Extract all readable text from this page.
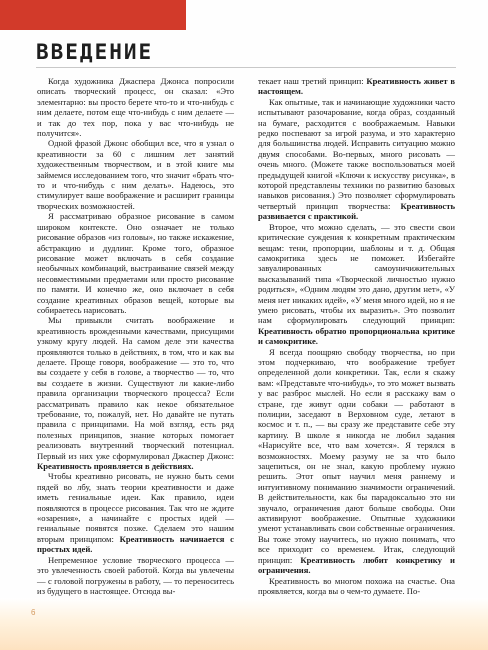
ВВЕДЕНИЕ

Когда художника Джаспера Джонса попросили описать творческий процесс, он сказал: «Это элементарно: вы просто берете что-то и что-нибудь с ним делаете, потом еще что-нибудь с ним делаете — и так до тех пор, пока у вас что-нибудь не получится».

Одной фразой Джонс обобщил все, что я узнал о креативности за 60 с лишним лет занятий художественным творчеством, и в этой книге мы займемся исследованием того, что значит «брать что-то и что-нибудь с ним делать». Надеюсь, это стимулирует ваше воображение и расширит границы творческих возможностей.

Я рассматриваю образное рисование в самом широком контексте. Оно означает не только рисование образов «из головы», но также искажение, абстракцию и дудлинг. Кроме того, образное рисование может включать в себя создание необычных комбинаций, выстраивание связей между несовместимыми предметами или просто рисование по памяти. И конечно же, оно включает в себя создание креативных образов вещей, которые вы собираетесь нарисовать.

Мы привыкли считать воображение и креативность врожденными качествами, присущими узкому кругу людей. На самом деле эти качества проявляются только в действиях, в том, что и как вы делаете. Проще говоря, воображение — это то, что вы создаете у себя в голове, а творчество — то, что вы создаете в жизни. Существуют ли какие-либо правила организации творческого процесса? Если рассматривать правило как некое обязательное требование, то, пожалуй, нет. Но давайте не путать правила с принципами. На мой взгляд, есть ряд полезных принципов, знание которых помогает реализовать внутренний творческий потенциал. Первый из них уже сформулировал Джаспер Джонс: Креативность проявляется в действиях.

Чтобы креативно рисовать, не нужно быть семи пядей во лбу, знать теории креативности и даже иметь гениальные идеи. Как правило, идеи появляются в процессе рисования. Так что не ждите «озарения», а начинайте с простых идей — гениальные появятся позже. Сделаем это нашим вторым принципом: Креативность начинается с простых идей.

Непременное условие творческого процесса — это увлеченность своей работой. Когда вы увлечены — с головой погружены в работу, — то переноситесь из будущего в настоящее. Отсюда вы-

текает наш третий принцип: Креативность живет в настоящем.

Как опытные, так и начинающие художники часто испытывают разочарование, когда образ, созданный на бумаге, расходится с воображаемым. Навыки редко поспевают за игрой разума, и это характерно для большинства людей. Исправить ситуацию можно двумя способами. Во-первых, много рисовать — очень много. (Можете также воспользоваться моей предыдущей книгой «Ключи к искусству рисунка», в которой представлены техники по развитию базовых навыков рисования.) Это позволяет сформулировать четвертый принцип творчества: Креативность развивается с практикой.

Второе, что можно сделать, — это свести свои критические суждения к конкретным практическим вещам: тени, пропорции, шаблоны и т. д. Общая самокритика здесь не поможет. Избегайте завуалированных самоуничижительных высказываний типа «Творческой личностью нужно родиться», «Одним людям это дано, другим нет», «У меня нет никаких идей», «У меня много идей, но я не умею рисовать, чтобы их выразить». Это позволит нам сформулировать следующий принцип: Креативность обратно пропорциональна критике и самокритике.

Я всегда поощряю свободу творчества, но при этом подчеркиваю, что воображение требует определенной доли конкретики. Так, если я скажу вам: «Представьте что-нибудь», то это может вызвать у вас разброс мыслей. Но если я расскажу вам о стране, где живут одни собаки — работают в полиции, заседают в Верховном суде, летают в космос и т. п., — вы сразу же представите себе эту картину. В школе я никогда не любил задания «Нарисуйте все, что вам хочется». Я терялся в возможностях. Моему разуму не за что было зацепиться, он не знал, какую проблему нужно решить. Этот опыт научил меня раннему и интуитивному пониманию значимости ограничений. В действительности, как бы парадоксально это ни звучало, ограничения дают больше свободы. Они активируют воображение. Опытные художники умеют устанавливать свои собственные ограничения. Вы тоже этому научитесь, но нужно понимать, что все приходит со временем. Итак, следующий принцип: Креативность любит конкретику и ограничения.

Креативность во многом похожа на счастье. Она проявляется, когда вы о чем-то думаете. По-

6
